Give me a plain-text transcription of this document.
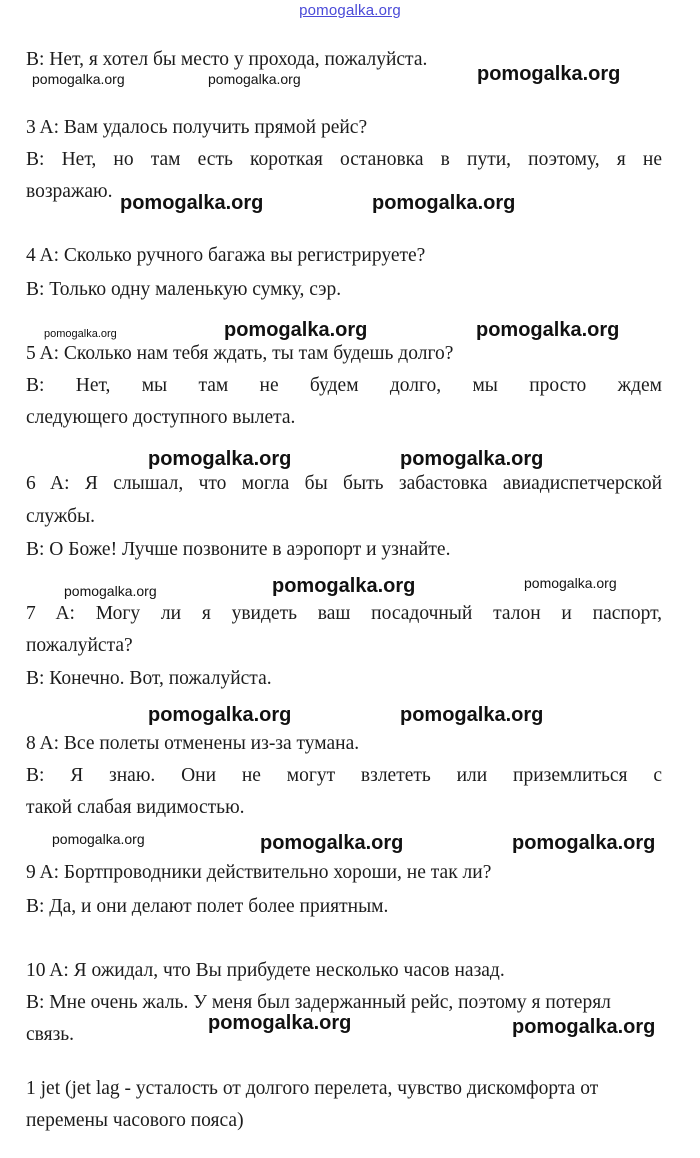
pomogalka.org
B: Нет, я хотел бы место у прохода, пожалуйста.
3 A: Вам удалось получить прямой рейс?
B: Нет, но там есть короткая остановка в пути, поэтому, я не
возражаю.
4 A: Сколько ручного багажа вы регистрируете?
B: Только одну маленькую сумку, сэр.
5 A: Сколько нам тебя ждать, ты там будешь долго?
B: Нет, мы там не будем долго, мы просто ждем
следующего доступного вылета.
6 A: Я слышал, что могла бы быть забастовка авиадиспетчерской
службы.
B: О Боже! Лучше позвоните в аэропорт и узнайте.
7 A: Могу ли я увидеть ваш посадочный талон и паспорт,
пожалуйста?
B: Конечно. Вот, пожалуйста.
8 A: Все полеты отменены из-за тумана.
B: Я знаю. Они не могут взлететь или приземлиться с
такой слабая видимостью.
9 A: Бортпроводники действительно хороши, не так ли?
B: Да, и они делают полет более приятным.
10 A: Я ожидал, что Вы прибудете несколько часов назад.
B: Мне очень жаль. У меня был задержанный рейс, поэтому я потерял
связь.
1 jet (jet lag - усталость от долгого перелета, чувство дискомфорта от
перемены часового пояса)
pomogalka.org
pomogalka.org	pomogalka.org
pomogalka.org	pomogalka.org
pomogalka.org	pomogalka.org	pomogalka.org
pomogalka.org	pomogalka.org
pomogalka.org	pomogalka.org	pomogalka.org
pomogalka.org	pomogalka.org
pomogalka.org	pomogalka.org	pomogalka.org
pomogalka.org	pomogalka.org
